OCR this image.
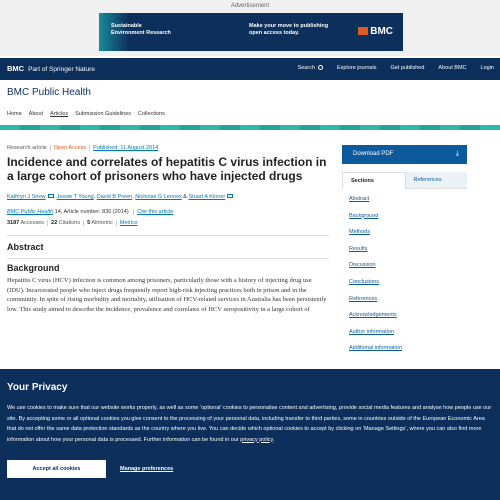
Advertisement
Sustainable
Environment Research
Make your move to publishing
open access today.	BMC
BMC Part of Springer Nature	Search	Explore journals	Get published	About BMC	Login
BMC Public Health
Home About Articles Submission Guidelines Collections
Research article Open Access Published: 11 August 2014
Incidence and correlates of hepatitis C virus infection in a large cohort of prisoners who have injected drugs
Kathryn J Snow , Jessie T Young, David B Preen, Nicholas G Lennox & Stuart A Kinner
BMC Public Health 14, Article number: 830 (2014) Cite this article
3187 Accesses 22 Citations 5 Altmetric Metrics
Abstract
Background

Hepatitis C virus (HCV) infection is common among prisoners, particularly those with a history of injecting drug use (IDU). Incarcerated people who inject drugs frequently report high-risk injecting practices both in prison and in the community. In spite of rising morbidity and mortality, utilisation of HCV-related services in Australia has been persistently low. This study aimed to describe the incidence, prevalence and correlates of HCV seropositivity in a large cohort of

Download PDF	⤓
Sections	References
Abstract
Background
Methods
Results
Discussion
Conclusions
References
Acknowledgements
Author information
Additional information
Your Privacy

We use cookies to make sure that our website works properly, as well as some ‘optional’ cookies to personalise content and advertising, provide social media features and analyse how people use our site. By accepting some or all optional cookies you give consent to the processing of your personal data, including transfer to third parties, some in countries outside of the European Economic Area that do not offer the same data protection standards as the country where you live. You can decide which optional cookies to accept by clicking on ‘Manage Settings’, where you can also find more information about how your personal data is processed. Further information can be found in our privacy policy.

Accept all cookies	Manage preferences
